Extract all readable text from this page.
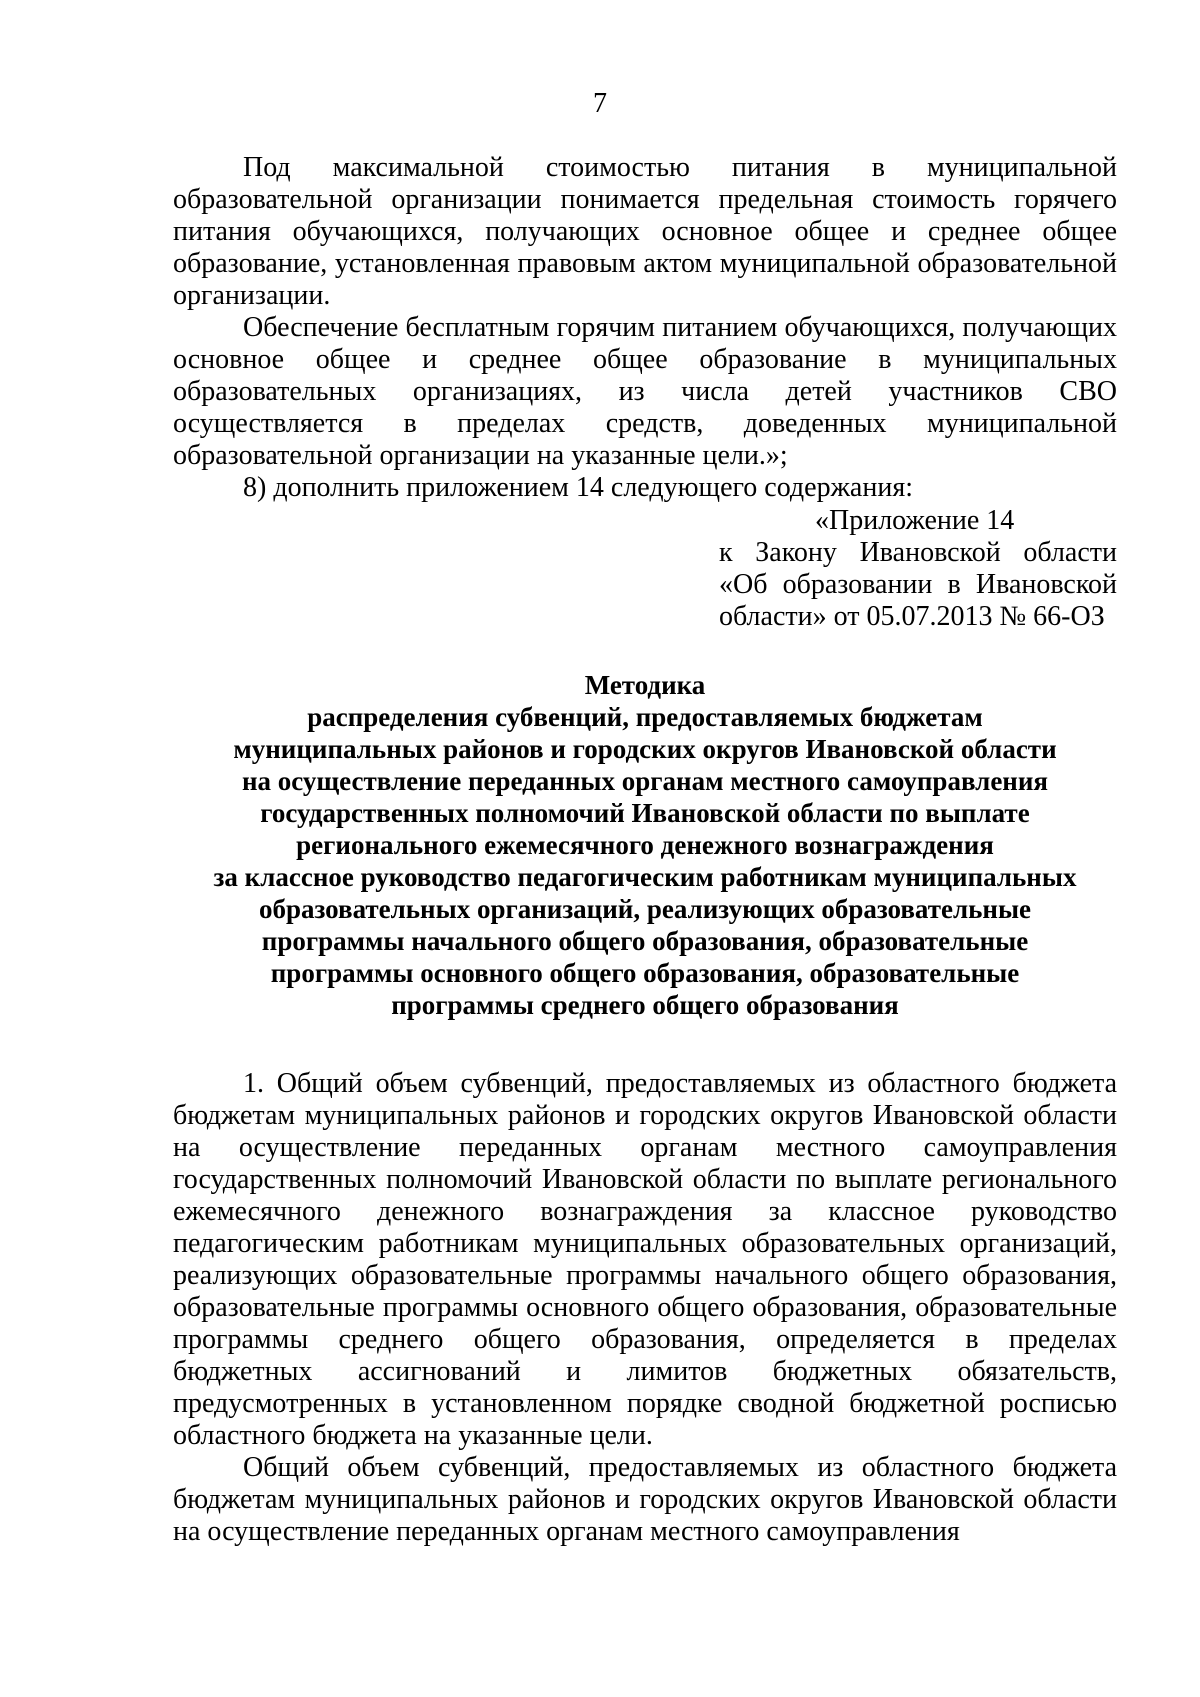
7

Под максимальной стоимостью питания в муниципальной образовательной организации понимается предельная стоимость горячего питания обучающихся, получающих основное общее и среднее общее образование, установленная правовым актом муниципальной образовательной организации.

Обеспечение бесплатным горячим питанием обучающихся, получающих основное общее и среднее общее образование в муниципальных образовательных организациях, из числа детей участников СВО осуществляется в пределах средств, доведенных муниципальной образовательной организации на указанные цели.»;

8) дополнить приложением 14 следующего содержания:

«Приложение 14
к Закону Ивановской области
«Об образовании в Ивановской
области» от 05.07.2013 № 66-ОЗ
Методика
распределения субвенций, предоставляемых бюджетам
муниципальных районов и городских округов Ивановской области
на осуществление переданных органам местного самоуправления
государственных полномочий Ивановской области по выплате
регионального ежемесячного денежного вознаграждения
за классное руководство педагогическим работникам муниципальных
образовательных организаций, реализующих образовательные
программы начального общего образования, образовательные
программы основного общего образования, образовательные
программы среднего общего образования

1. Общий объем субвенций, предоставляемых из областного бюджета бюджетам муниципальных районов и городских округов Ивановской области на осуществление переданных органам местного самоуправления государственных полномочий Ивановской области по выплате регионального ежемесячного денежного вознаграждения за классное руководство педагогическим работникам муниципальных образовательных организаций, реализующих образовательные программы начального общего образования, образовательные программы основного общего образования, образовательные программы среднего общего образования, определяется в пределах бюджетных ассигнований и лимитов бюджетных обязательств, предусмотренных в установленном порядке сводной бюджетной росписью областного бюджета на указанные цели.

Общий объем субвенций, предоставляемых из областного бюджета бюджетам муниципальных районов и городских округов Ивановской области на осуществление переданных органам местного самоуправления
